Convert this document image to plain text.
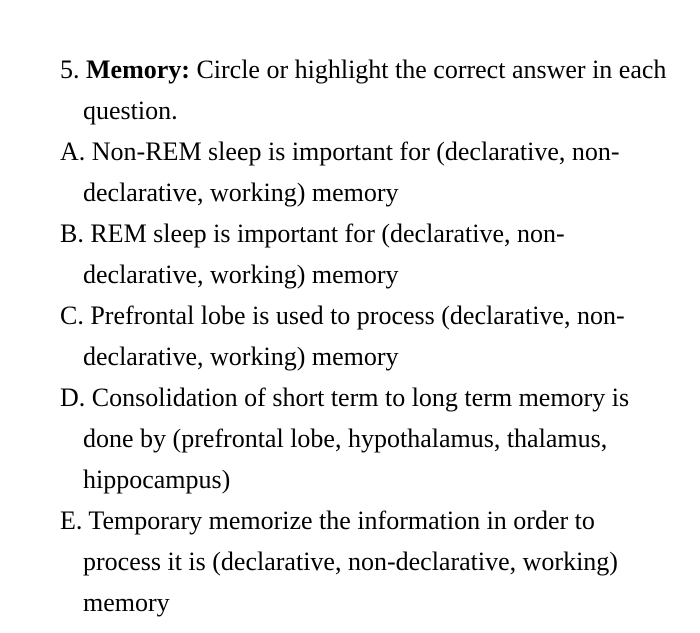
5. Memory: Circle or highlight the correct answer in each question.

A. Non-REM sleep is important for (declarative, non-declarative, working) memory

B. REM sleep is important for (declarative, non-declarative, working) memory

C. Prefrontal lobe is used to process (declarative, non-declarative, working) memory

D. Consolidation of short term to long term memory is done by (prefrontal lobe, hypothalamus, thalamus, hippocampus)

E. Temporary memorize the information in order to process it is (declarative, non-declarative, working) memory
